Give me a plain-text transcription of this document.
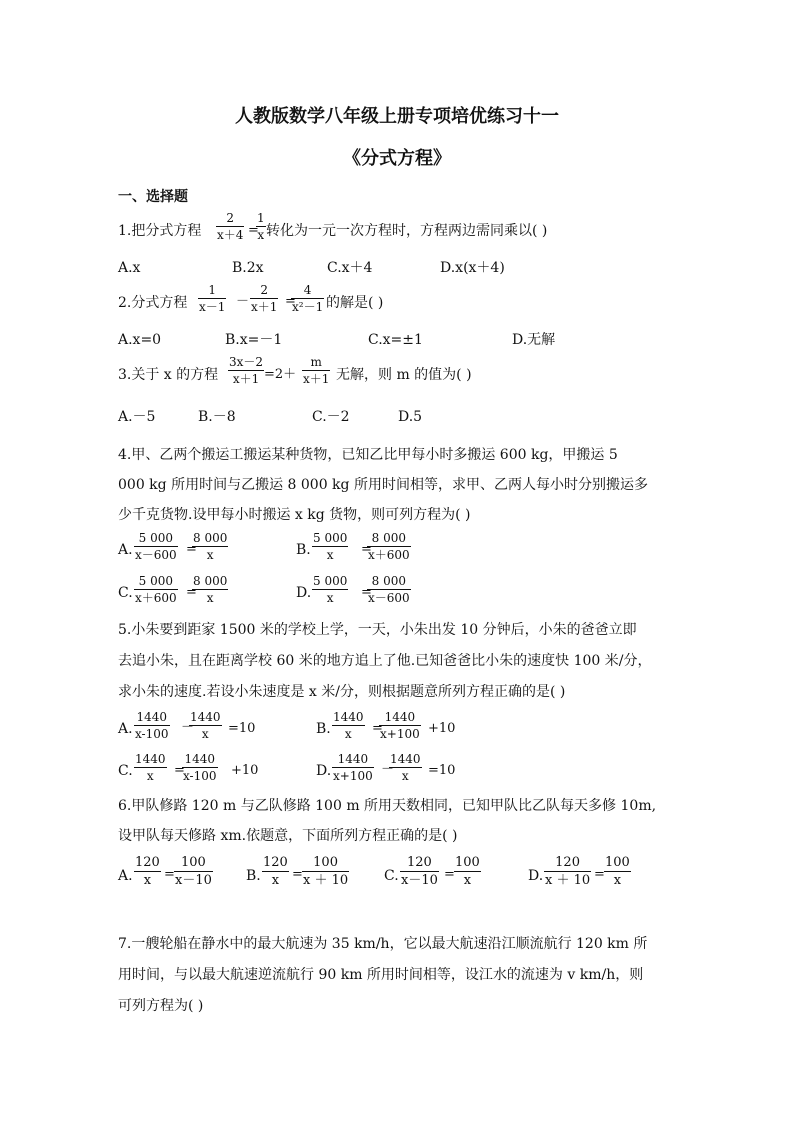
人教版数学八年级上册专项培优练习十一
《分式方程》
一、选择题
1.把分式方程 $\frac{2}{x+4}$ =
$\frac{1}{x}$ 转化为一元一次方程时，方程两边需同乘以( )
A.x	B.2x	C.x＋4	D.x(x＋4)
2.分式方程 $\frac{1}{x-1} - \frac{2}{x+1}$ =
$\frac{4}{\text{x²－1}}$ 的解是( )
A.x=0	B.x=－1	C.x=±1	D.无解
3.关于 x 的方程 $\frac{3x-2}{x+1} =2+ \frac{m}{x+1}$ 无解，则 m 的值为( )
A.－5	B.－8	C.－2	D.5
4.甲、乙两个搬运工搬运某种货物，已知乙比甲每小时多搬运 600 kg，甲搬运 5
000 kg 所用时间与乙搬运 8 000 kg 所用时间相等，求甲、乙两人每小时分别搬运多
少千克货物.设甲每小时搬运 x kg 货物，则可列方程为( )
A. $\frac{5 000}{x-600}$ =
$\frac{8 000}{x}$	B. $\frac{5 000}{x}$ =
$\frac{8 000}{x+600}$
C. $\frac{5 000}{x+600}$ =
$\frac{8 000}{x}$	D. $\frac{5 000}{x}$ =
$\frac{8 000}{x-600}$
5.小朱要到距家 1500 米的学校上学，一天，小朱出发 10 分钟后，小朱的爸爸立即
去追小朱，且在距离学校 60 米的地方追上了他.已知爸爸比小朱的速度快 100 米/分，
求小朱的速度.若设小朱速度是 x 米/分，则根据题意所列方程正确的是( )
A. $\frac{1440}{x-100}$ －
$\frac{1440}{x} =10$	B. $\frac{1440}{x}$ =
$\frac{1440}{x+100} +10$
C. $\frac{1440}{x}$ =
$\frac{1440}{x-100} +10$	D. $\frac{1440}{x+100}$ －
$\frac{1440}{x} =10$
6.甲队修路 120 m 与乙队修路 100 m 所用天数相同，已知甲队比乙队每天多修 10m,
设甲队每天修路 xm.依题意，下面所列方程正确的是( )
A. $\frac{120}{x} = \frac{100}{x-10} B$. $\frac{120}{x} = \frac{100}{x + 10} C$. $\frac{120}{x-10} = \frac{100}{x}$	D. $\frac{120}{x + 10} = \frac{100}{x}$
7.一艘轮船在静水中的最大航速为 35 km/h，它以最大航速沿江顺流航行 120 km 所
用时间，与以最大航速逆流航行 90 km 所用时间相等，设江水的流速为 v km/h，则
可列方程为( )
